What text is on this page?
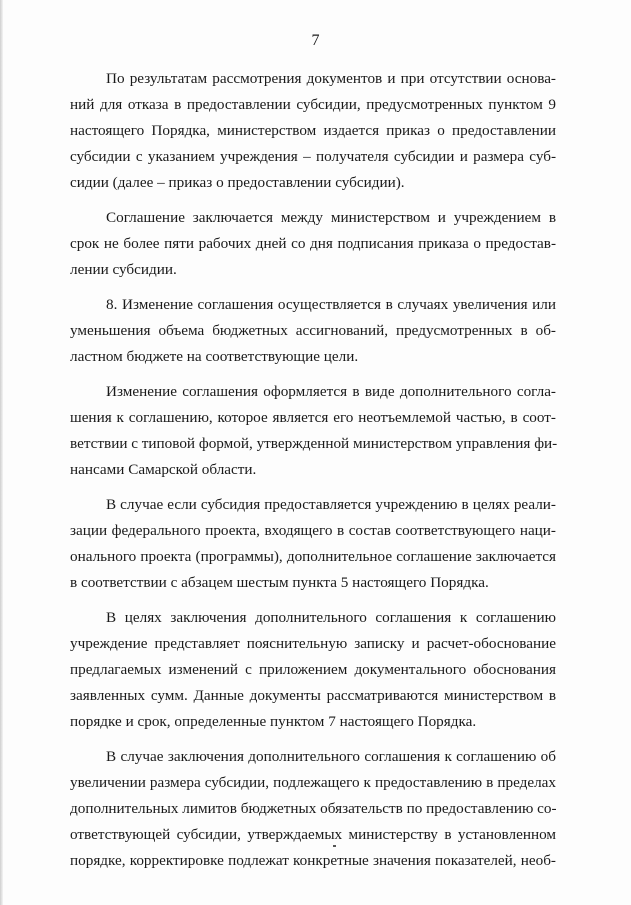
7

По результатам рассмотрения документов и при отсутствии основа-
ний для отказа в предоставлении субсидии, предусмотренных пунктом 9
настоящего Порядка, министерством издается приказ о предоставлении
субсидии с указанием учреждения – получателя субсидии и размера суб-
сидии (далее – приказ о предоставлении субсидии).

Соглашение заключается между министерством и учреждением в
срок не более пяти рабочих дней со дня подписания приказа о предостав-
лении субсидии.

8. Изменение соглашения осуществляется в случаях увеличения или
уменьшения объема бюджетных ассигнований, предусмотренных в об-
ластном бюджете на соответствующие цели.

Изменение соглашения оформляется в виде дополнительного согла-
шения к соглашению, которое является его неотъемлемой частью, в соот-
ветствии с типовой формой, утвержденной министерством управления фи-
нансами Самарской области.

В случае если субсидия предоставляется учреждению в целях реали-
зации федерального проекта, входящего в состав соответствующего наци-
онального проекта (программы), дополнительное соглашение заключается
в соответствии с абзацем шестым пункта 5 настоящего Порядка.

В целях заключения дополнительного соглашения к соглашению
учреждение представляет пояснительную записку и расчет-обоснование
предлагаемых изменений с приложением документального обоснования
заявленных сумм. Данные документы рассматриваются министерством в
порядке и срок, определенные пунктом 7 настоящего Порядка.

В случае заключения дополнительного соглашения к соглашению об
увеличении размера субсидии, подлежащего к предоставлению в пределах
дополнительных лимитов бюджетных обязательств по предоставлению со-
ответствующей субсидии, утверждаемых министерству в установленном
порядке, корректировке подлежат конкретные значения показателей, необ-
